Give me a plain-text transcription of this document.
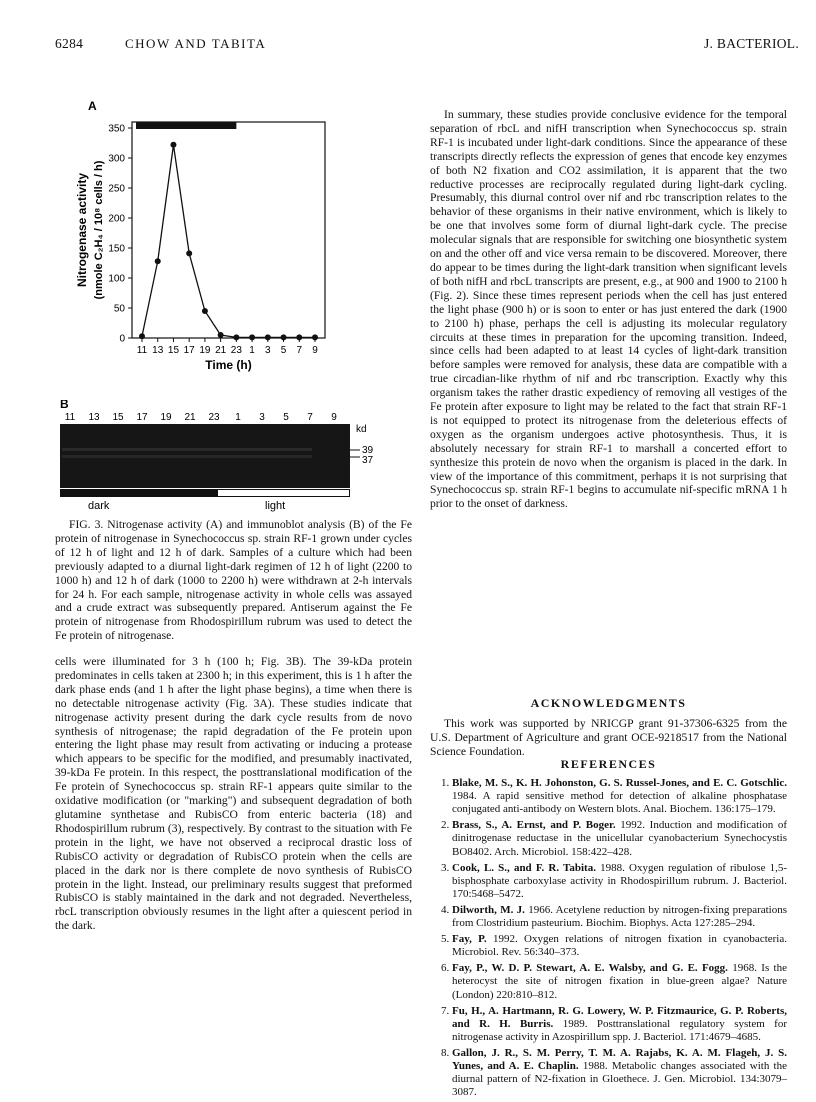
6284	CHOW AND TABITA	J. BACTERIOL.
A
0
50
100
150
200
250
300
350
11 13 15 17 19 21 23 1 3 5 7 9
Time (h)
Nitrogenase activity (nmole C₂H₄ / 10⁸ cells / h)
B
11 13 15 17 19 21 23 1 3 5 7 9
kd
39
37
dark	light

FIG. 3. Nitrogenase activity (A) and immunoblot analysis (B) of the Fe protein of nitrogenase in Synechococcus sp. strain RF-1 grown under cycles of 12 h of light and 12 h of dark. Samples of a culture which had been previously adapted to a diurnal light-dark regimen of 12 h of light (2200 to 1000 h) and 12 h of dark (1000 to 2200 h) were withdrawn at 2-h intervals for 24 h. For each sample, nitrogenase activity in whole cells was assayed and a crude extract was subsequently prepared. Antiserum against the Fe protein of nitrogenase from Rhodospirillum rubrum was used to detect the Fe protein of nitrogenase.

cells were illuminated for 3 h (100 h; Fig. 3B). The 39-kDa protein predominates in cells taken at 2300 h; in this experiment, this is 1 h after the dark phase ends (and 1 h after the light phase begins), a time when there is no detectable nitrogenase activity (Fig. 3A). These studies indicate that nitrogenase activity present during the dark cycle results from de novo synthesis of nitrogenase; the rapid degradation of the Fe protein upon entering the light phase may result from activating or inducing a protease which appears to be specific for the modified, and presumably inactivated, 39-kDa Fe protein. In this respect, the posttranslational modification of the Fe protein of Synechococcus sp. strain RF-1 appears quite similar to the oxidative modification (or "marking") and subsequent degradation of both glutamine synthetase and RubisCO from enteric bacteria (18) and Rhodospirillum rubrum (3), respectively. By contrast to the situation with Fe protein in the light, we have not observed a reciprocal drastic loss of RubisCO activity or degradation of RubisCO protein when the cells are placed in the dark nor is there complete de novo synthesis of RubisCO protein in the light. Instead, our preliminary results suggest that preformed RubisCO is stably maintained in the dark and not degraded. Nevertheless, rbcL transcription obviously resumes in the light after a quiescent period in the dark.

In summary, these studies provide conclusive evidence for the temporal separation of rbcL and nifH transcription when Synechococcus sp. strain RF-1 is incubated under light-dark conditions. Since the appearance of these transcripts directly reflects the expression of genes that encode key enzymes of both N2 fixation and CO2 assimilation, it is apparent that the two reductive processes are reciprocally regulated during light-dark cycling. Presumably, this diurnal control over nif and rbc transcription relates to the behavior of these organisms in their native environment, which is likely to be one that involves some form of diurnal light-dark cycle. The precise molecular signals that are responsible for switching one biosynthetic system on and the other off and vice versa remain to be discovered. Moreover, there do appear to be times during the light-dark transition when significant levels of both nifH and rbcL transcripts are present, e.g., at 900 and 1900 to 2100 h (Fig. 2). Since these times represent periods when the cell has just entered the light phase (900 h) or is soon to enter or has just entered the dark (1900 to 2100 h) phase, perhaps the cell is adjusting its molecular regulatory circuits at these times in preparation for the upcoming transition. Indeed, since cells had been adapted to at least 14 cycles of light-dark transition before samples were removed for analysis, these data are compatible with a true circadian-like rhythm of nif and rbc transcription. Exactly why this organism takes the rather drastic expediency of removing all vestiges of the Fe protein after exposure to light may be related to the fact that strain RF-1 is not equipped to protect its nitrogenase from the deleterious effects of oxygen as the organism undergoes active photosynthesis. Thus, it is absolutely necessary for strain RF-1 to marshall a concerted effort to synthesize this protein de novo when the organism is placed in the dark. In view of the importance of this commitment, perhaps it is not surprising that Synechococcus sp. strain RF-1 begins to accumulate nif-specific mRNA 1 h prior to the onset of darkness.

ACKNOWLEDGMENTS

This work was supported by NRICGP grant 91-37306-6325 from the U.S. Department of Agriculture and grant OCE-9218517 from the National Science Foundation.

REFERENCES
1. Blake, M. S., K. H. Johonston, G. S. Russel-Jones, and E. C. Gotschlic. 1984. A rapid sensitive method for detection of alkaline phosphatase conjugated anti-antibody on Western blots. Anal. Biochem. 136:175–179.
2. Brass, S., A. Ernst, and P. Boger. 1992. Induction and modification of dinitrogenase reductase in the unicellular cyanobacterium Synechocystis BO8402. Arch. Microbiol. 158:422–428.
3. Cook, L. S., and F. R. Tabita. 1988. Oxygen regulation of ribulose 1,5-bisphosphate carboxylase activity in Rhodospirillum rubrum. J. Bacteriol. 170:5468–5472.
4. Dilworth, M. J. 1966. Acetylene reduction by nitrogen-fixing preparations from Clostridium pasteurium. Biochim. Biophys. Acta 127:285–294.
5. Fay, P. 1992. Oxygen relations of nitrogen fixation in cyanobacteria. Microbiol. Rev. 56:340–373.
6. Fay, P., W. D. P. Stewart, A. E. Walsby, and G. E. Fogg. 1968. Is the heterocyst the site of nitrogen fixation in blue-green algae? Nature (London) 220:810–812.
7. Fu, H., A. Hartmann, R. G. Lowery, W. P. Fitzmaurice, G. P. Roberts, and R. H. Burris. 1989. Posttranslational regulatory system for nitrogenase activity in Azospirillum spp. J. Bacteriol. 171:4679–4685.
8. Gallon, J. R., S. M. Perry, T. M. A. Rajabs, K. A. M. Flageh, J. S. Yunes, and A. E. Chaplin. 1988. Metabolic changes associated with the diurnal pattern of N2-fixation in Gloethece. J. Gen. Microbiol. 134:3079–3087.
